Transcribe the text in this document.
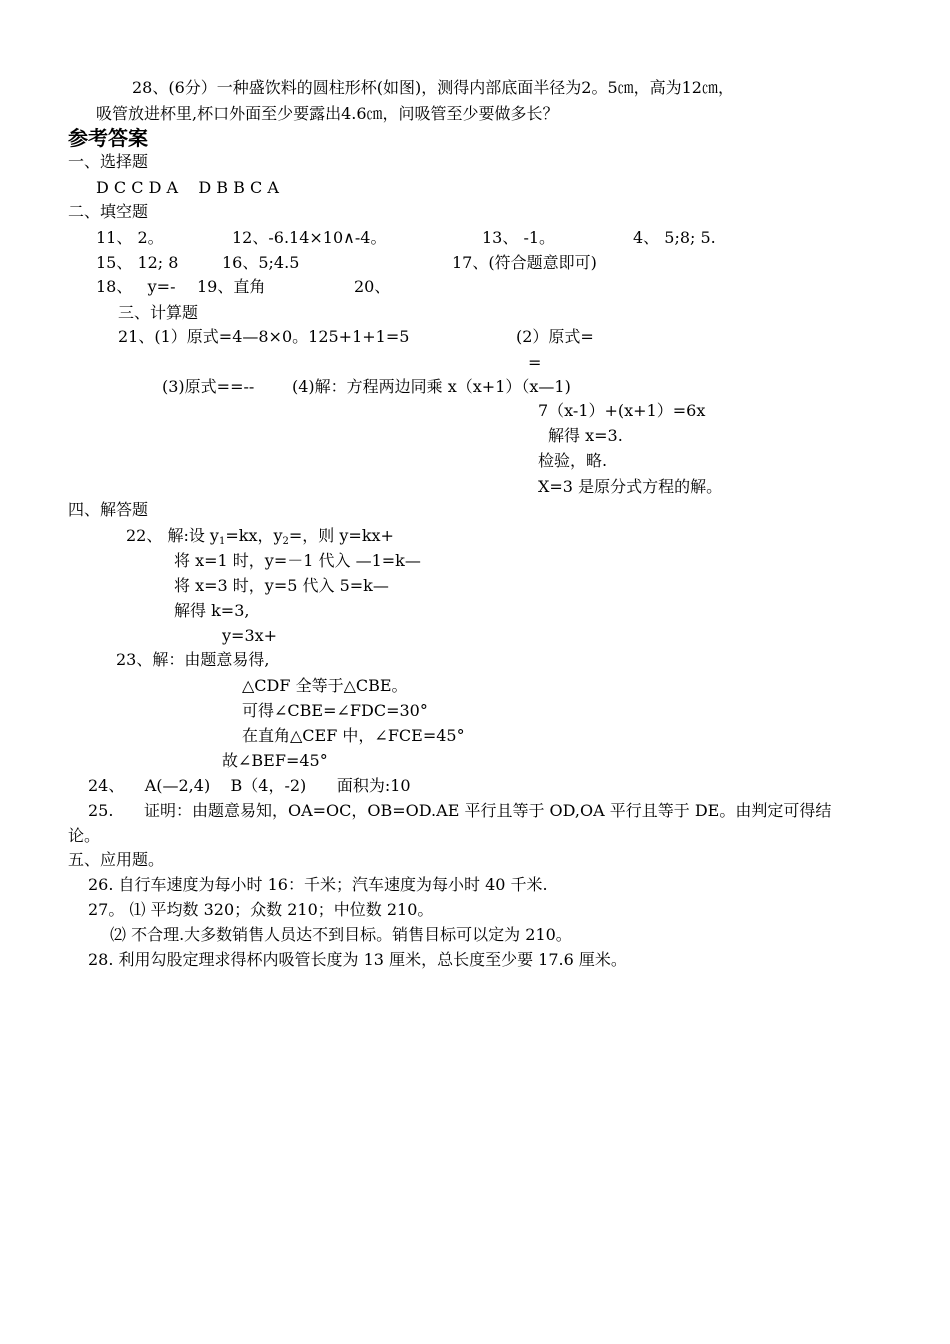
28、(6分）一种盛饮料的圆柱形杯(如图)，测得内部底面半径为2。5㎝，高为12㎝，
吸管放进杯里,杯口外面至少要露出4.6㎝，问吸管至少要做多长？
参考答案
一、选择题
D C C D A    D B B C A
二、填空题
11、 2。	12、-6.14×10∧-4。	13、 -1。	4、 5;8; 5.
15、 12; 8	16、5;4.5	17、(符合题意即可)
18、   y=- 19、直角	20、
三、计算题
21、(1）原式=4—8×0。125+1+1=5	(2）原式=
=
(3)原式==-- (4)解：方程两边同乘 x（x+1）（x—1)
7（x-1）+(x+1）=6x
解得 x=3.
检验，略.
X=3 是原分式方程的解。
四、解答题
22、 解:设 $y_1=kx$，$y_2=$，则 y=kx+
将 x=1 时，y=－1 代入 —1=k—
将 x=3 时，y=5 代入 5=k—
解得 k=3,
y=3x+
23、解：由题意易得,
△CDF 全等于△CBE。
可得∠CBE=∠FDC=30°
在直角△CEF 中，∠FCE=45°
故∠BEF=45°
24、    A(—2,4)    B（4，-2)      面积为:10
25.      证明：由题意易知，OA=OC，OB=OD.AE 平行且等于 OD,OA 平行且等于 DE。由判定可得结
论。
五、应用题。
26. 自行车速度为每小时 16：千米；汽车速度为每小时 40 千米.
27。 ⑴ 平均数 320；众数 210；中位数 210。
⑵ 不合理.大多数销售人员达不到目标。销售目标可以定为 210。
28. 利用勾股定理求得杯内吸管长度为 13 厘米，总长度至少要 17.6 厘米。
